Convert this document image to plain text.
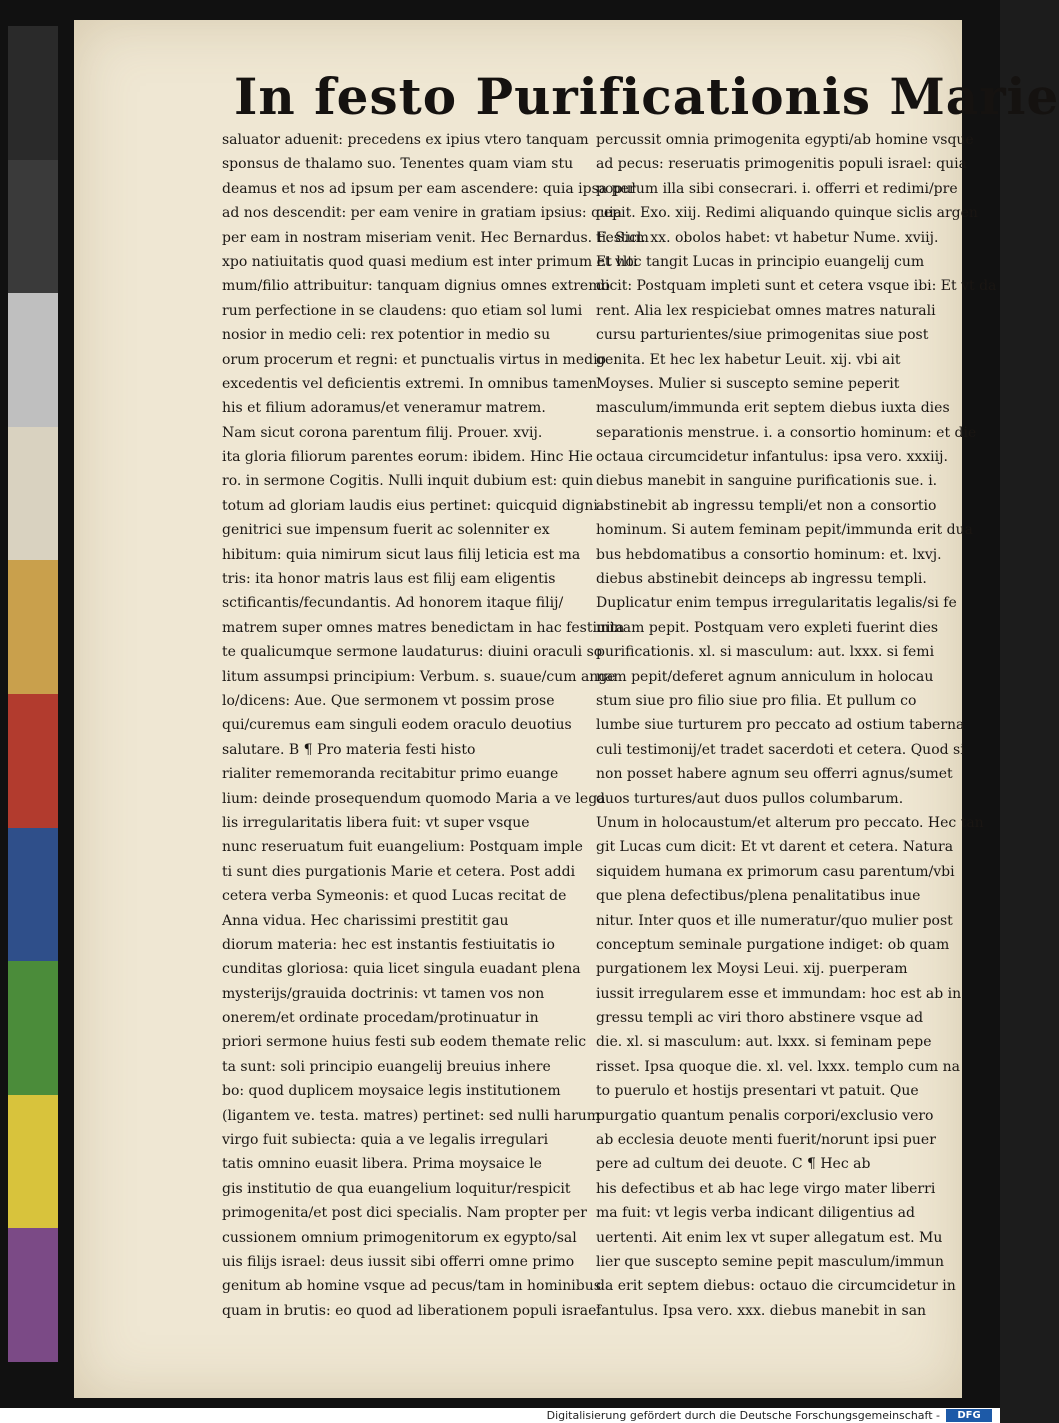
In festo Purificationis Marie
saluator aduenit: precedens ex ipius vtero tanquam
sponsus de thalamo suo. Tenentes quam viam stu
deamus et nos ad ipsum per eam ascendere: quia ipsa per
ad nos descendit: per eam venire in gratiam ipsius: quia
per eam in nostram miseriam venit. Hec Bernardus. Festum
xpo natiuitatis quod quasi medium est inter primum et vlti
mum/filio attribuitur: tanquam dignius omnes extremo
rum perfectione in se claudens: quo etiam sol lumi
nosior in medio celi: rex potentior in medio su
orum procerum et regni: et punctualis virtus in medio
excedentis vel deficientis extremi. In omnibus tamen
his et filium adoramus/et veneramur matrem.
Nam sicut corona parentum filij. Prouer. xvij.
ita gloria filiorum parentes eorum: ibidem. Hinc Hie
ro. in sermone Cogitis. Nulli inquit dubium est: quin
totum ad gloriam laudis eius pertinet: quicquid digni
genitrici sue impensum fuerit ac solenniter ex
hibitum: quia nimirum sicut laus filij leticia est ma
tris: ita honor matris laus est filij eam eligentis
sctificantis/fecundantis. Ad honorem itaque filij/
matrem super omnes matres benedictam in hac festiuita
te qualicumque sermone laudaturus: diuini oraculi so
litum assumpsi principium: Verbum. s. suaue/cum ange
lo/dicens: Aue. Que sermonem vt possim prose
qui/curemus eam singuli eodem oraculo deuotius
salutare. B ¶ Pro materia festi histo
rialiter rememoranda recitabitur primo euange
lium: deinde prosequendum quomodo Maria a ve lega
lis irregularitatis libera fuit: vt super vsque
nunc reseruatum fuit euangelium: Postquam imple
ti sunt dies purgationis Marie et cetera. Post addi
cetera verba Symeonis: et quod Lucas recitat de
Anna vidua. Hec charissimi prestitit gau
diorum materia: hec est instantis festiuitatis io
cunditas gloriosa: quia licet singula euadant plena
mysterijs/grauida doctrinis: vt tamen vos non
onerem/et ordinate procedam/protinuatur in
priori sermone huius festi sub eodem themate relic
ta sunt: soli principio euangelij breuius inhere
bo: quod duplicem moysaice legis institutionem
(ligantem ve. testa. matres) pertinet: sed nulli harum
virgo fuit subiecta: quia a ve legalis irregulari
tatis omnino euasit libera. Prima moysaice le
gis institutio de qua euangelium loquitur/respicit
primogenita/et post dici specialis. Nam propter per
cussionem omnium primogenitorum ex egypto/sal
uis filijs israel: deus iussit sibi offerri omne primo
genitum ab homine vsque ad pecus/tam in hominibus
quam in brutis: eo quod ad liberationem populi israel
percussit omnia primogenita egypti/ab homine vsque
ad pecus: reseruatis primogenitis populi israel: quia
populum illa sibi consecrari. i. offerri et redimi/pre
cepit. Exo. xiij. Redimi aliquando quinque siclis argen
ti. Sicl. xx. obolos habet: vt habetur Nume. xviij.
Et hoc tangit Lucas in principio euangelij cum
dicit: Postquam impleti sunt et cetera vsque ibi: Et vt da
rent. Alia lex respiciebat omnes matres naturali
cursu parturientes/siue primogenitas siue post
genita. Et hec lex habetur Leuit. xij. vbi ait
Moyses. Mulier si suscepto semine peperit
masculum/immunda erit septem diebus iuxta dies
separationis menstrue. i. a consortio hominum: et die
octaua circumcidetur infantulus: ipsa vero. xxxiij.
diebus manebit in sanguine purificationis sue. i.
abstinebit ab ingressu templi/et non a consortio
hominum. Si autem feminam pepit/immunda erit dua
bus hebdomatibus a consortio hominum: et. lxvj.
diebus abstinebit deinceps ab ingressu templi.
Duplicatur enim tempus irregularitatis legalis/si fe
minam pepit. Postquam vero expleti fuerint dies
purificationis. xl. si masculum: aut. lxxx. si femi
nam pepit/deferet agnum anniculum in holocau
stum siue pro filio siue pro filia. Et pullum co
lumbe siue turturem pro peccato ad ostium taberna
culi testimonij/et tradet sacerdoti et cetera. Quod si
non posset habere agnum seu offerri agnus/sumet
duos turtures/aut duos pullos columbarum.
Unum in holocaustum/et alterum pro peccato. Hec tan
git Lucas cum dicit: Et vt darent et cetera. Natura
siquidem humana ex primorum casu parentum/vbi
que plena defectibus/plena penalitatibus inue
nitur. Inter quos et ille numeratur/quo mulier post
conceptum seminale purgatione indiget: ob quam
purgationem lex Moysi Leui. xij. puerperam
iussit irregularem esse et immundam: hoc est ab in
gressu templi ac viri thoro abstinere vsque ad
die. xl. si masculum: aut. lxxx. si feminam pepe
risset. Ipsa quoque die. xl. vel. lxxx. templo cum na
to puerulo et hostijs presentari vt patuit. Que
purgatio quantum penalis corpori/exclusio vero
ab ecclesia deuote menti fuerit/norunt ipsi puer
pere ad cultum dei deuote. C ¶ Hec ab
his defectibus et ab hac lege virgo mater liberri
ma fuit: vt legis verba indicant diligentius ad
uertenti. Ait enim lex vt super allegatum est. Mu
lier que suscepto semine pepit masculum/immun
da erit septem diebus: octauo die circumcidetur in
fantulus. Ipsa vero. xxx. diebus manebit in san
Digitalisierung gefördert durch die Deutsche Forschungsgemeinschaft -	DFG
